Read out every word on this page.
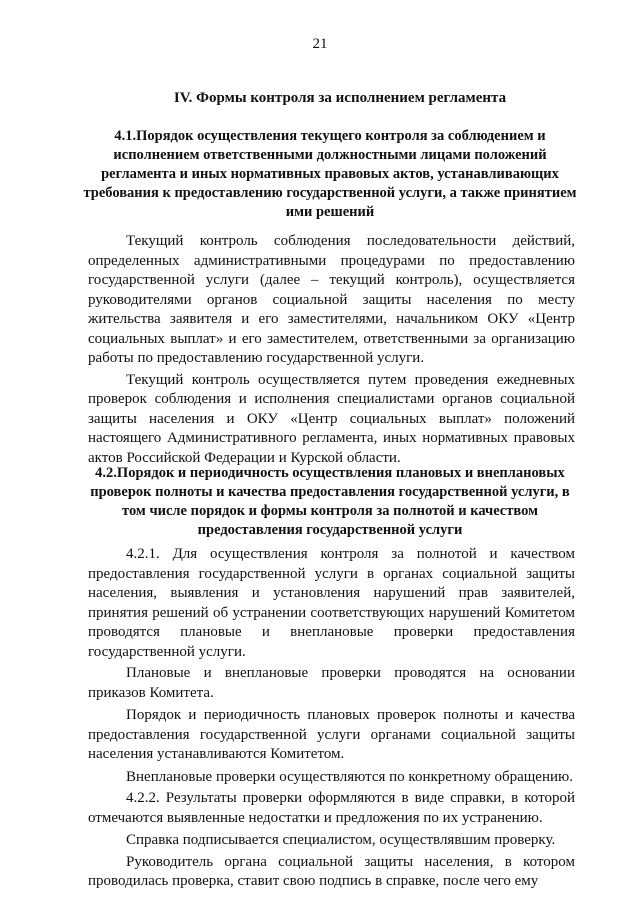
21
IV. Формы контроля за исполнением регламента
4.1.Порядок осуществления текущего контроля за соблюдением и исполнением ответственными должностными лицами положений регламента и иных нормативных правовых актов, устанавливающих требования к предоставлению государственной услуги, а также принятием ими решений

Текущий контроль соблюдения последовательности действий, определенных административными процедурами по предоставлению государственной услуги (далее – текущий контроль), осуществляется руководителями органов социальной защиты населения по месту жительства заявителя и его заместителями, начальником ОКУ «Центр социальных выплат» и его заместителем, ответственными за организацию работы по предоставлению государственной услуги.

Текущий контроль осуществляется путем проведения ежедневных проверок соблюдения и исполнения специалистами органов социальной защиты населения и ОКУ «Центр социальных выплат» положений настоящего Административного регламента, иных нормативных правовых актов Российской Федерации и Курской области.

4.2.Порядок и периодичность осуществления плановых и внеплановых проверок полноты и качества предоставления государственной услуги, в том числе порядок и формы контроля за полнотой и качеством предоставления государственной услуги

4.2.1. Для осуществления контроля за полнотой и качеством предоставления государственной услуги в органах социальной защиты населения, выявления и установления нарушений прав заявителей, принятия решений об устранении соответствующих нарушений Комитетом проводятся плановые и внеплановые проверки предоставления государственной услуги.

Плановые и внеплановые проверки проводятся на основании приказов Комитета.

Порядок и периодичность плановых проверок полноты и качества предоставления государственной услуги органами социальной защиты населения устанавливаются Комитетом.

Внеплановые проверки осуществляются по конкретному обращению.

4.2.2. Результаты проверки оформляются в виде справки, в которой отмечаются выявленные недостатки и предложения по их устранению.

Справка подписывается специалистом, осуществлявшим проверку.

Руководитель органа социальной защиты населения, в котором проводилась проверка, ставит свою подпись в справке, после чего ему
